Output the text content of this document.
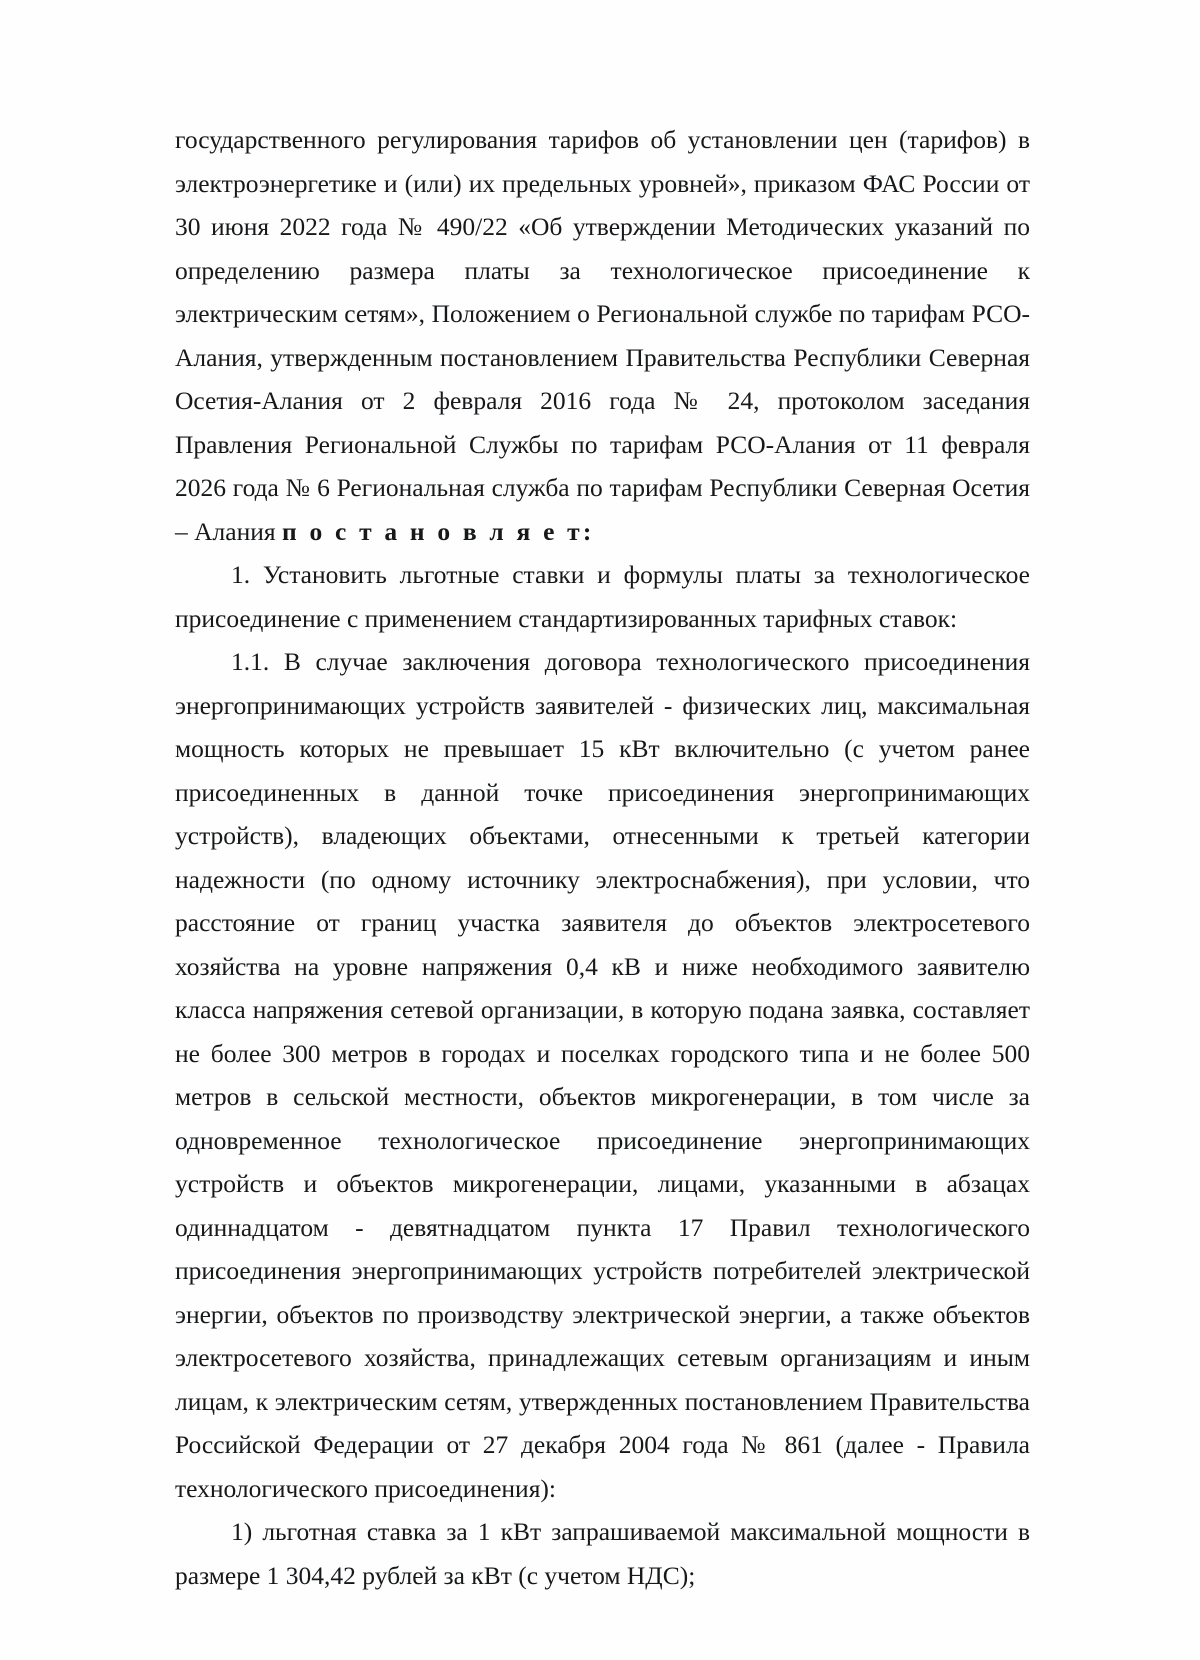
государственного регулирования тарифов об установлении цен (тарифов) в электроэнергетике и (или) их предельных уровней», приказом ФАС России от 30 июня 2022 года № 490/22 «Об утверждении Методических указаний по определению размера платы за технологическое присоединение к электрическим сетям», Положением о Региональной службе по тарифам РСО-Алания, утвержденным постановлением Правительства Республики Северная Осетия-Алания от 2 февраля 2016 года № 24, протоколом заседания Правления Региональной Службы по тарифам РСО-Алания от 11 февраля 2026 года № 6 Региональная служба по тарифам Республики Северная Осетия – Алания п о с т а н о в л я е т:

1. Установить льготные ставки и формулы платы за технологическое присоединение с применением стандартизированных тарифных ставок:

1.1. В случае заключения договора технологического присоединения энергопринимающих устройств заявителей - физических лиц, максимальная мощность которых не превышает 15 кВт включительно (с учетом ранее присоединенных в данной точке присоединения энергопринимающих устройств), владеющих объектами, отнесенными к третьей категории надежности (по одному источнику электроснабжения), при условии, что расстояние от границ участка заявителя до объектов электросетевого хозяйства на уровне напряжения 0,4 кВ и ниже необходимого заявителю класса напряжения сетевой организации, в которую подана заявка, составляет не более 300 метров в городах и поселках городского типа и не более 500 метров в сельской местности, объектов микрогенерации, в том числе за одновременное технологическое присоединение энергопринимающих устройств и объектов микрогенерации, лицами, указанными в абзацах одиннадцатом - девятнадцатом пункта 17 Правил технологического присоединения энергопринимающих устройств потребителей электрической энергии, объектов по производству электрической энергии, а также объектов электросетевого хозяйства, принадлежащих сетевым организациям и иным лицам, к электрическим сетям, утвержденных постановлением Правительства Российской Федерации от 27 декабря 2004 года № 861 (далее - Правила технологического присоединения):

1) льготная ставка за 1 кВт запрашиваемой максимальной мощности в размере 1 304,42 рублей за кВт (с учетом НДС);
